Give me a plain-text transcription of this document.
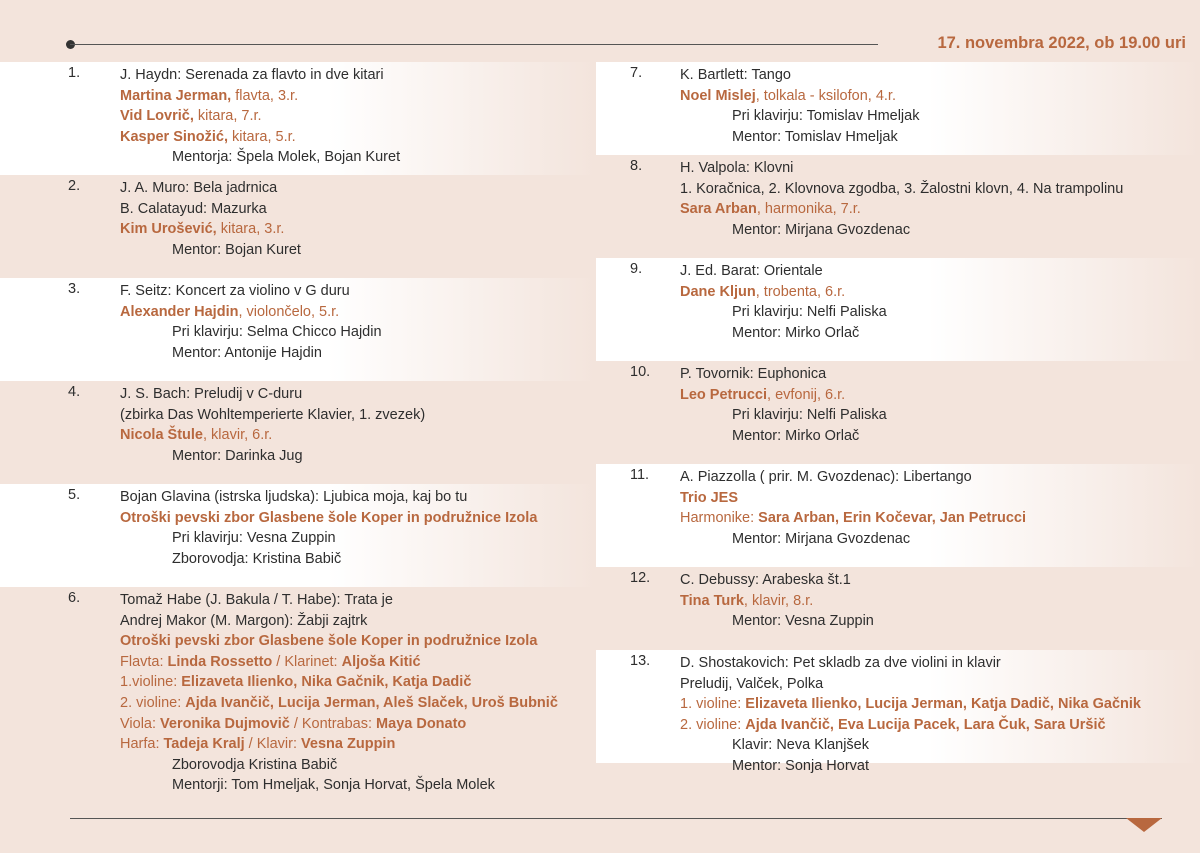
17. novembra 2022, ob 19.00 uri
1.	J. Haydn: Serenada za flavto in dve kitari
Martina Jerman, flavta, 3.r.
Vid Lovrič, kitara, 7.r.
Kasper Sinožić, kitara, 5.r.
Mentorja: Špela Molek, Bojan Kuret
2.	J. A. Muro: Bela jadrnica
B. Calatayud: Mazurka
Kim Urošević, kitara, 3.r.
Mentor: Bojan Kuret
3.	F. Seitz: Koncert za violino v G duru
Alexander Hajdin, violončelo, 5.r.
Pri klavirju: Selma Chicco Hajdin
Mentor: Antonije Hajdin
4.	J. S. Bach: Preludij v C-duru
(zbirka Das Wohltemperierte Klavier, 1. zvezek)
Nicola Štule, klavir, 6.r.
Mentor: Darinka Jug
5.	Bojan Glavina (istrska ljudska): Ljubica moja, kaj bo tu
Otroški pevski zbor Glasbene šole Koper in podružnice Izola
Pri klavirju: Vesna Zuppin
Zborovodja: Kristina Babič
6.	Tomaž Habe (J. Bakula / T. Habe): Trata je
Andrej Makor (M. Margon): Žabji zajtrk
Otroški pevski zbor Glasbene šole Koper in podružnice Izola
Flavta: Linda Rossetto / Klarinet: Aljoša Kitić
1.violine: Elizaveta Ilienko, Nika Gačnik, Katja Dadič
2. violine: Ajda Ivančič, Lucija Jerman, Aleš Slaček, Uroš Bubnič
Viola: Veronika Dujmovič / Kontrabas: Maya Donato
Harfa: Tadeja Kralj / Klavir: Vesna Zuppin
Zborovodja Kristina Babič
Mentorji: Tom Hmeljak, Sonja Horvat, Špela Molek
7.	K. Bartlett: Tango
Noel Mislej, tolkala - ksilofon, 4.r.
Pri klavirju: Tomislav Hmeljak
Mentor: Tomislav Hmeljak
8.	H. Valpola: Klovni
1. Koračnica, 2. Klovnova zgodba, 3. Žalostni klovn, 4. Na trampolinu
Sara Arban, harmonika, 7.r.
Mentor: Mirjana Gvozdenac
9.	J. Ed. Barat: Orientale
Dane Kljun, trobenta, 6.r.
Pri klavirju: Nelfi Paliska
Mentor: Mirko Orlač
10. P. Tovornik: Euphonica
Leo Petrucci, evfonij, 6.r.
Pri klavirju: Nelfi Paliska
Mentor: Mirko Orlač
11. A. Piazzolla ( prir. M. Gvozdenac): Libertango
Trio JES
Harmonike: Sara Arban, Erin Kočevar, Jan Petrucci
Mentor: Mirjana Gvozdenac
12. C. Debussy: Arabeska št.1
Tina Turk, klavir, 8.r.
Mentor: Vesna Zuppin
13. D. Shostakovich: Pet skladb za dve violini in klavir
Preludij, Valček, Polka
1. violine: Elizaveta Ilienko, Lucija Jerman, Katja Dadič, Nika Gačnik
2. violine: Ajda Ivančič, Eva Lucija Pacek, Lara Čuk, Sara Uršič
Klavir: Neva Klanjšek
Mentor: Sonja Horvat
